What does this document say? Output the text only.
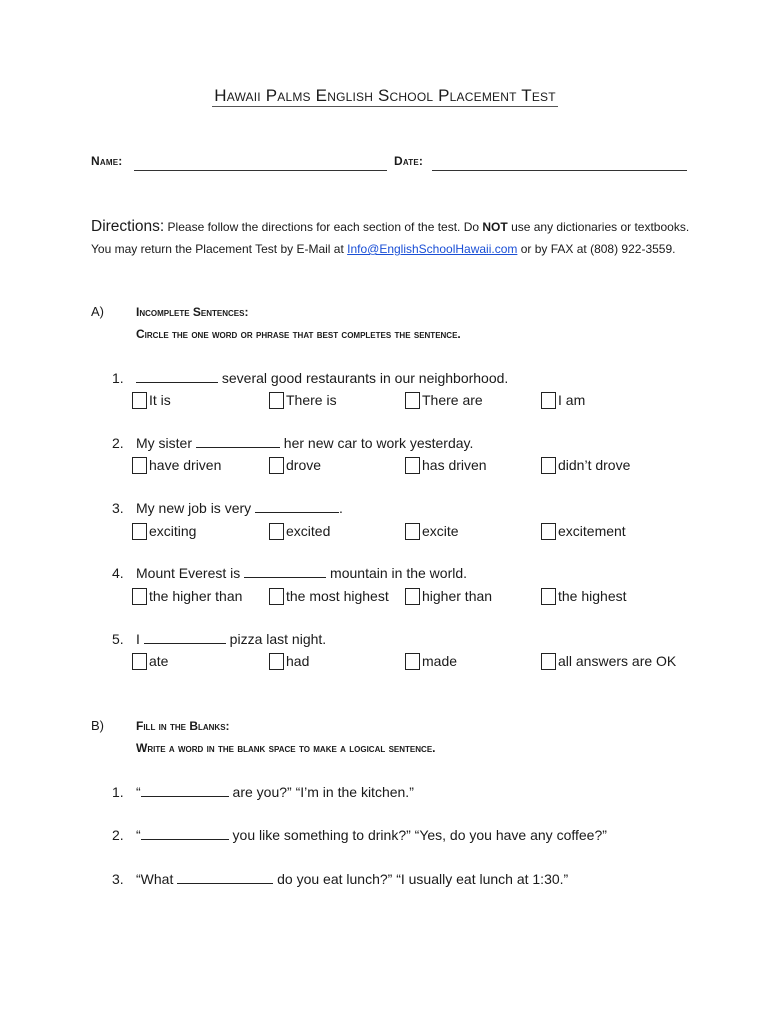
Hawaii Palms English School Placement Test
Name:	Date:
Directions: Please follow the directions for each section of the test. Do NOT use any dictionaries or textbooks. You may return the Placement Test by E-Mail at Info@EnglishSchoolHawaii.com or by FAX at (808) 922-3559.
A)	Incomplete Sentences:
Circle the one word or phrase that best completes the sentence.
1.	several good restaurants in our neighborhood.
It is	There is	There are	I am
2. My sister	her new car to work yesterday.
have driven	drove	has driven	didn’t drove
3. My new job is very	.
exciting	excited	excite	excitement
4. Mount Everest is	mountain in the world.
the higher than	the most highest higher than	the highest
5. I	pizza last night.
ate	had	made	all answers are OK
B)	Fill in the Blanks:
Write a word in the blank space to make a logical sentence.
1. “	are you?” “I’m in the kitchen.”
2. “	you like something to drink?” “Yes, do you have any coffee?”
3. “What	do you eat lunch?” “I usually eat lunch at 1:30.”
